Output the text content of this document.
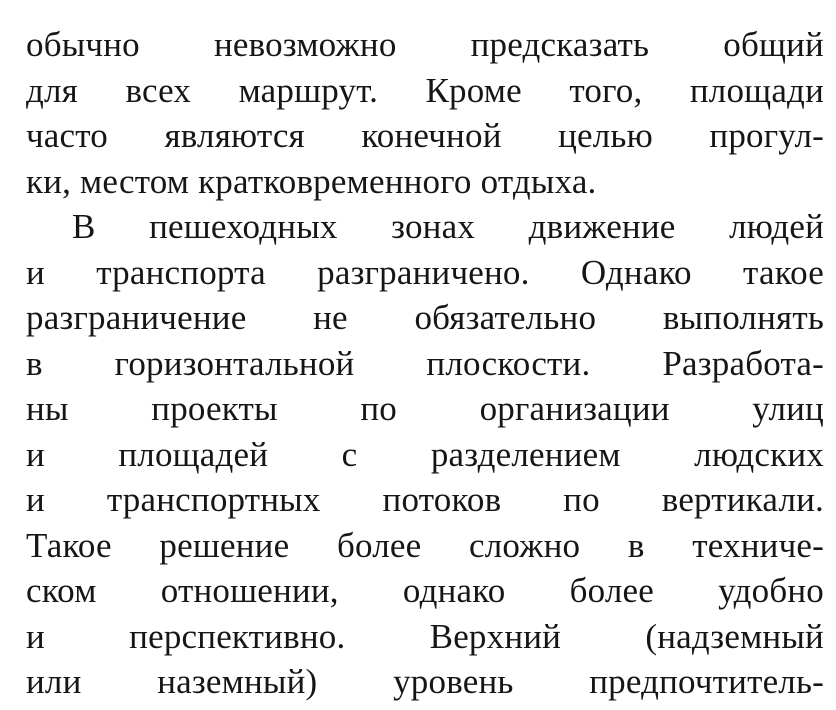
обычно невозможно предсказать общий
для всех маршрут. Кроме того, площади
часто являются конечной целью прогул-
ки, местом кратковременного отдыха.
В пешеходных зонах движение людей
и транспорта разграничено. Однако такое
разграничение не обязательно выполнять
в горизонтальной плоскости. Разработа-
ны проекты по организации улиц
и площадей с разделением людских
и транспортных потоков по вертикали.
Такое решение более сложно в техниче-
ском отношении, однако более удобно
и перспективно. Верхний (надземный
или наземный) уровень предпочтитель-
